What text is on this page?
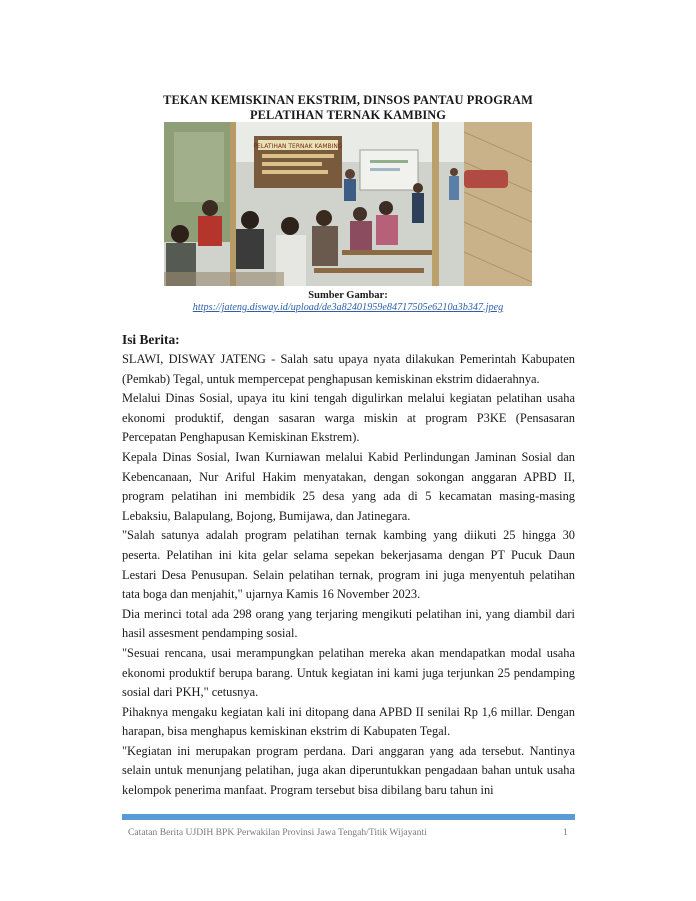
TEKAN KEMISKINAN EKSTRIM, DINSOS PANTAU PROGRAM PELATIHAN TERNAK KAMBING
PELATIHAN TERNAK KAMBING
Sumber Gambar:
https://jateng.disway.id/upload/de3a82401959e84717505e6210a3b347.jpeg
Isi Berita:

SLAWI, DISWAY JATENG - Salah satu upaya nyata dilakukan Pemerintah Kabupaten (Pemkab) Tegal, untuk mempercepat penghapusan kemiskinan ekstrim didaerahnya.

Melalui Dinas Sosial, upaya itu kini tengah digulirkan melalui kegiatan pelatihan usaha ekonomi produktif, dengan sasaran warga miskin at program P3KE (Pensasaran Percepatan Penghapusan Kemiskinan Ekstrem).

Kepala Dinas Sosial, Iwan Kurniawan melalui Kabid Perlindungan Jaminan Sosial dan Kebencanaan, Nur Ariful Hakim menyatakan, dengan sokongan anggaran APBD II, program pelatihan ini membidik 25 desa yang ada di 5 kecamatan masing-masing Lebaksiu, Balapulang, Bojong, Bumijawa, dan Jatinegara.

"Salah satunya adalah program pelatihan ternak kambing yang diikuti 25 hingga 30 peserta. Pelatihan ini kita gelar selama sepekan bekerjasama dengan PT Pucuk Daun Lestari Desa Penusupan. Selain pelatihan ternak, program ini juga menyentuh pelatihan tata boga dan menjahit," ujarnya Kamis 16 November 2023.

Dia merinci total ada 298 orang yang terjaring mengikuti pelatihan ini, yang diambil dari hasil assesment pendamping sosial.

"Sesuai rencana, usai merampungkan pelatihan mereka akan mendapatkan modal usaha ekonomi produktif berupa barang. Untuk kegiatan ini kami juga terjunkan 25 pendamping sosial dari PKH," cetusnya.

Pihaknya mengaku kegiatan kali ini ditopang dana APBD II senilai Rp 1,6 millar. Dengan harapan, bisa menghapus kemiskinan ekstrim di Kabupaten Tegal.

"Kegiatan ini merupakan program perdana. Dari anggaran yang ada tersebut. Nantinya selain untuk menunjang pelatihan, juga akan diperuntukkan pengadaan bahan untuk usaha kelompok penerima manfaat. Program tersebut bisa dibilang baru tahun ini

Catatan Berita UJDIH BPK Perwakilan Provinsi Jawa Tengah/Titik Wijayanti	1
